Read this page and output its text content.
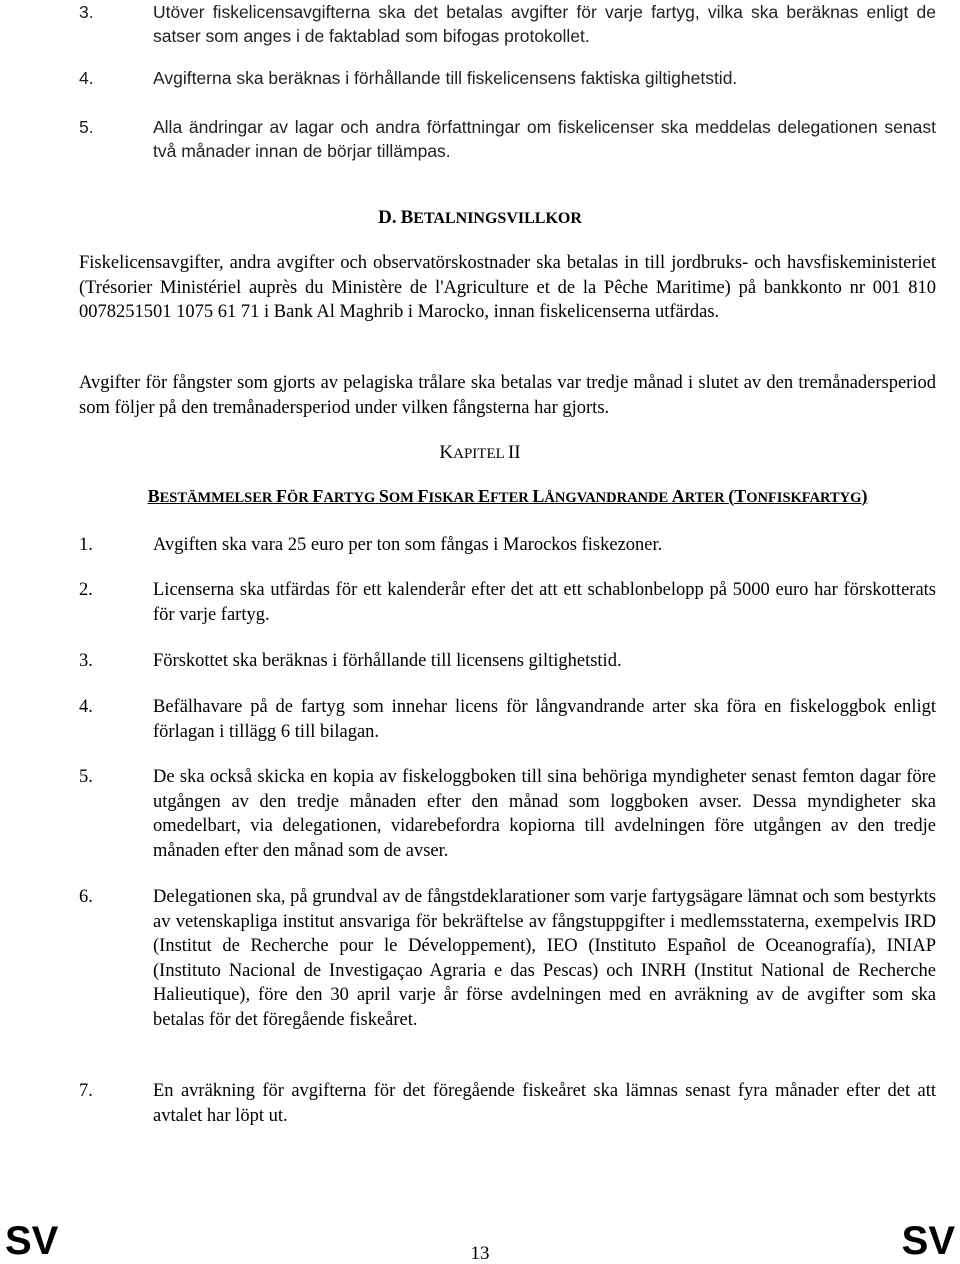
3.	Utöver fiskelicensavgifterna ska det betalas avgifter för varje fartyg, vilka ska beräknas enligt de satser som anges i de faktablad som bifogas protokollet.
4.	Avgifterna ska beräknas i förhållande till fiskelicensens faktiska giltighetstid.
5.	Alla ändringar av lagar och andra författningar om fiskelicenser ska meddelas delegationen senast två månader innan de börjar tillämpas.
D. BETALNINGSVILLKOR
Fiskelicensavgifter, andra avgifter och observatörskostnader ska betalas in till jordbruks- och havsfiskeministeriet (Trésorier Ministériel auprès du Ministère de l'Agriculture et de la Pêche Maritime) på bankkonto nr 001 810 0078251501 1075 61 71 i Bank Al Maghrib i Marocko, innan fiskelicenserna utfärdas.
Avgifter för fångster som gjorts av pelagiska trålare ska betalas var tredje månad i slutet av den tremånadersperiod som följer på den tremånadersperiod under vilken fångsterna har gjorts.
KAPITEL II
BESTÄMMELSER FÖR FARTYG SOM FISKAR EFTER LÅNGVANDRANDE ARTER (TONFISKFARTYG)
1.	Avgiften ska vara 25 euro per ton som fångas i Marockos fiskezoner.
2.	Licenserna ska utfärdas för ett kalenderår efter det att ett schablonbelopp på 5000 euro har förskotterats för varje fartyg.
3.	Förskottet ska beräknas i förhållande till licensens giltighetstid.
4.	Befälhavare på de fartyg som innehar licens för långvandrande arter ska föra en fiskeloggbok enligt förlagan i tillägg 6 till bilagan.
5.	De ska också skicka en kopia av fiskeloggboken till sina behöriga myndigheter senast femton dagar före utgången av den tredje månaden efter den månad som loggboken avser. Dessa myndigheter ska omedelbart, via delegationen, vidarebefordra kopiorna till avdelningen före utgången av den tredje månaden efter den månad som de avser.
6.	Delegationen ska, på grundval av de fångstdeklarationer som varje fartygsägare lämnat och som bestyrkts av vetenskapliga institut ansvariga för bekräftelse av fångstuppgifter i medlemsstaterna, exempelvis IRD (Institut de Recherche pour le Développement), IEO (Instituto Español de Oceanografía), INIAP (Instituto Nacional de Investigaçao Agraria e das Pescas) och INRH (Institut National de Recherche Halieutique), före den 30 april varje år förse avdelningen med en avräkning av de avgifter som ska betalas för det föregående fiskeåret.
7.	En avräkning för avgifterna för det föregående fiskeåret ska lämnas senast fyra månader efter det att avtalet har löpt ut.
SV	13	SV
